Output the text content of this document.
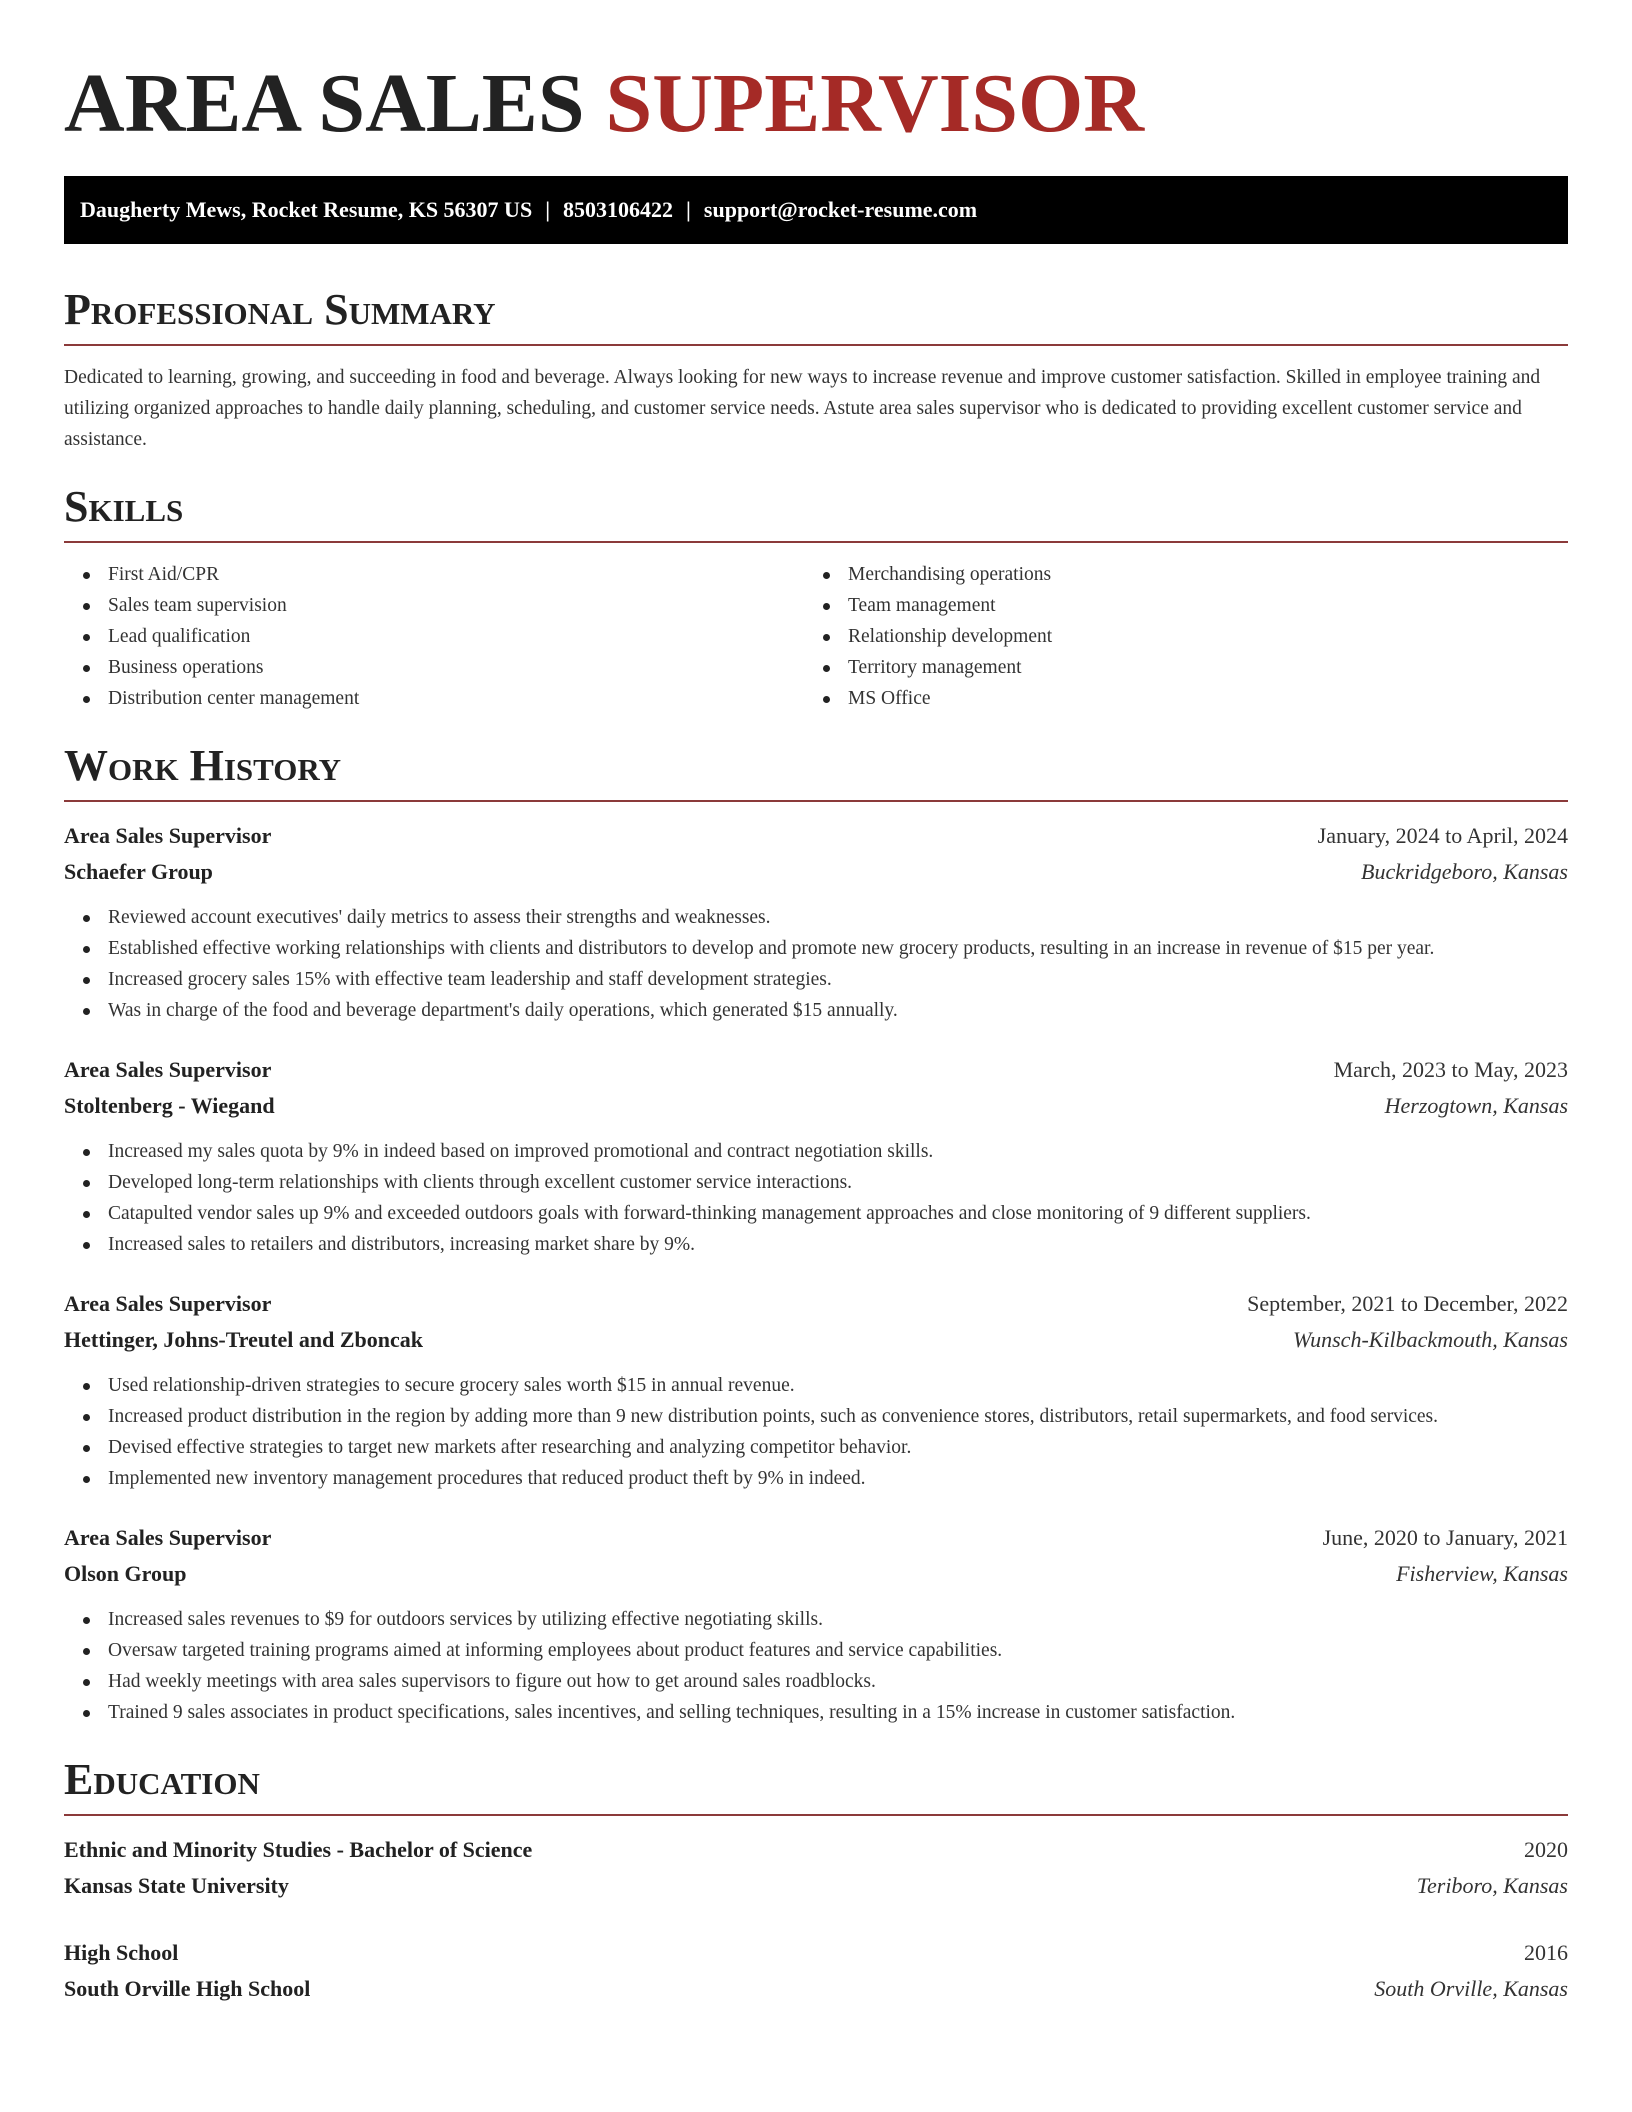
AREA SALES SUPERVISOR
Daugherty Mews, Rocket Resume, KS 56307 US | 8503106422 | support@rocket-resume.com
Professional Summary

Dedicated to learning, growing, and succeeding in food and beverage. Always looking for new ways to increase revenue and improve customer satisfaction. Skilled in employee training and utilizing organized approaches to handle daily planning, scheduling, and customer service needs. Astute area sales supervisor who is dedicated to providing excellent customer service and assistance.

Skills
First Aid/CPR
Sales team supervision
Lead qualification
Business operations
Distribution center management
Merchandising operations
Team management
Relationship development
Territory management
MS Office
Work History
Area Sales Supervisor	January, 2024 to April, 2024
Schaefer Group	Buckridgeboro, Kansas
Reviewed account executives' daily metrics to assess their strengths and weaknesses.
Established effective working relationships with clients and distributors to develop and promote new grocery products, resulting in an increase in revenue of $15 per year.
Increased grocery sales 15% with effective team leadership and staff development strategies.
Was in charge of the food and beverage department's daily operations, which generated $15 annually.
Area Sales Supervisor	March, 2023 to May, 2023
Stoltenberg - Wiegand	Herzogtown, Kansas
Increased my sales quota by 9% in indeed based on improved promotional and contract negotiation skills.
Developed long-term relationships with clients through excellent customer service interactions.
Catapulted vendor sales up 9% and exceeded outdoors goals with forward-thinking management approaches and close monitoring of 9 different suppliers.
Increased sales to retailers and distributors, increasing market share by 9%.
Area Sales Supervisor	September, 2021 to December, 2022
Hettinger, Johns-Treutel and Zboncak	Wunsch-Kilbackmouth, Kansas
Used relationship-driven strategies to secure grocery sales worth $15 in annual revenue.
Increased product distribution in the region by adding more than 9 new distribution points, such as convenience stores, distributors, retail supermarkets, and food services.
Devised effective strategies to target new markets after researching and analyzing competitor behavior.
Implemented new inventory management procedures that reduced product theft by 9% in indeed.
Area Sales Supervisor	June, 2020 to January, 2021
Olson Group	Fisherview, Kansas
Increased sales revenues to $9 for outdoors services by utilizing effective negotiating skills.
Oversaw targeted training programs aimed at informing employees about product features and service capabilities.
Had weekly meetings with area sales supervisors to figure out how to get around sales roadblocks.
Trained 9 sales associates in product specifications, sales incentives, and selling techniques, resulting in a 15% increase in customer satisfaction.
Education
Ethnic and Minority Studies - Bachelor of Science	2020
Kansas State University	Teriboro, Kansas
High School	2016
South Orville High School	South Orville, Kansas
